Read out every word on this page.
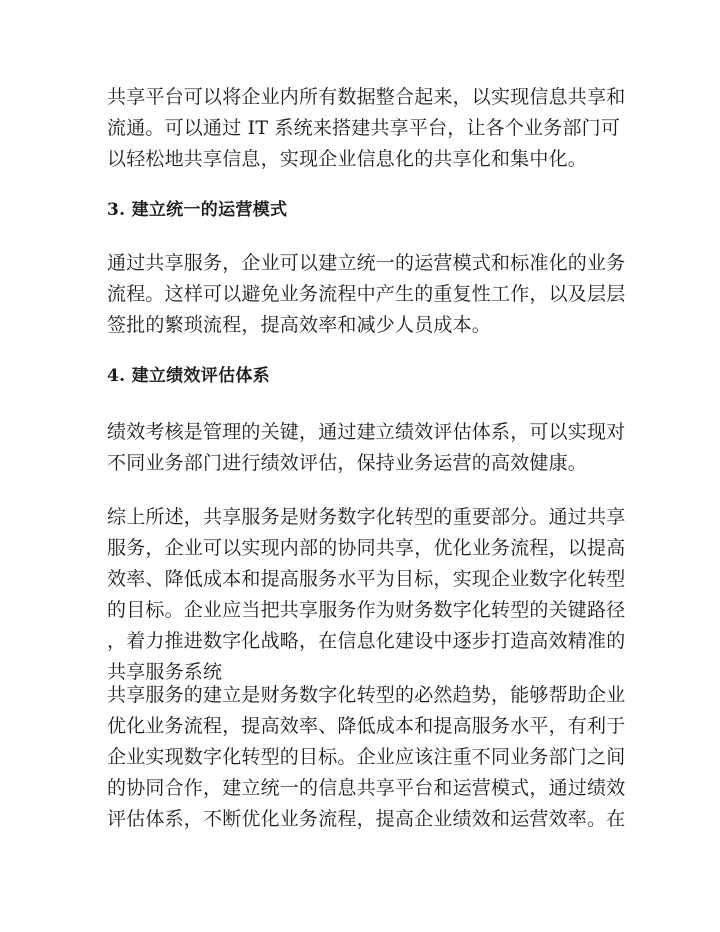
共享平台可以将企业内所有数据整合起来，以实现信息共享和
流通。可以通过 IT 系统来搭建共享平台，让各个业务部门可
以轻松地共享信息，实现企业信息化的共享化和集中化。

3. 建立统一的运营模式

通过共享服务，企业可以建立统一的运营模式和标准化的业务
流程。这样可以避免业务流程中产生的重复性工作，以及层层
签批的繁琐流程，提高效率和减少人员成本。

4. 建立绩效评估体系

绩效考核是管理的关键，通过建立绩效评估体系，可以实现对
不同业务部门进行绩效评估，保持业务运营的高效健康。

综上所述，共享服务是财务数字化转型的重要部分。通过共享
服务，企业可以实现内部的协同共享，优化业务流程，以提高
效率、降低成本和提高服务水平为目标，实现企业数字化转型
的目标。企业应当把共享服务作为财务数字化转型的关键路径
，着力推进数字化战略，在信息化建设中逐步打造高效精准的
共享服务系统

共享服务的建立是财务数字化转型的必然趋势，能够帮助企业
优化业务流程，提高效率、降低成本和提高服务水平，有利于
企业实现数字化转型的目标。企业应该注重不同业务部门之间
的协同合作，建立统一的信息共享平台和运营模式，通过绩效
评估体系，不断优化业务流程，提高企业绩效和运营效率。在
